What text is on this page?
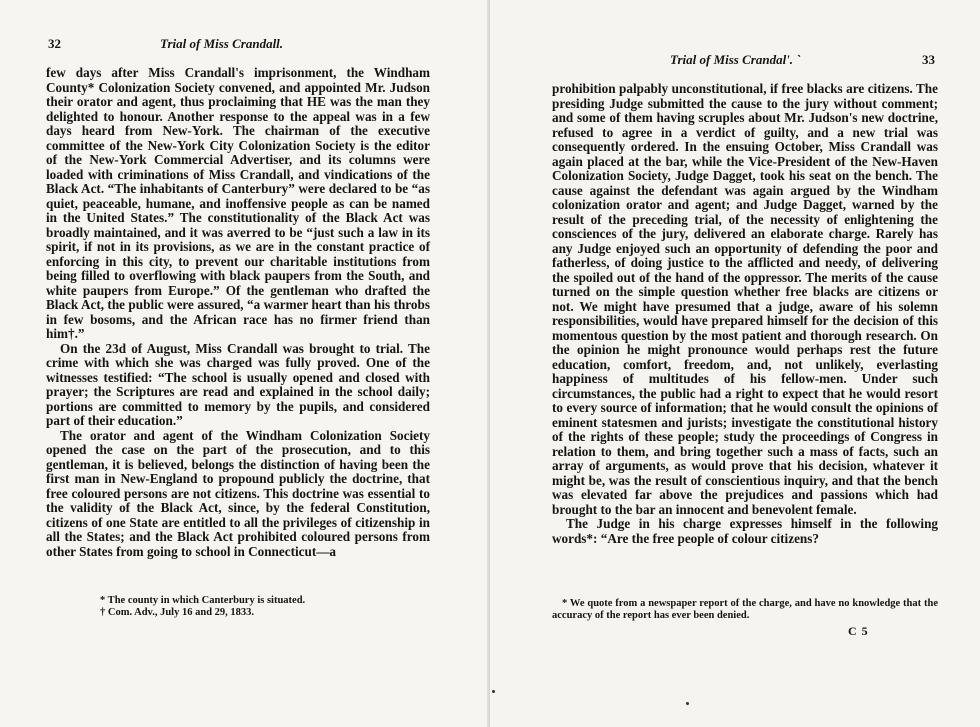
32	Trial of Miss Crandall.

few days after Miss Crandall's imprisonment, the Windham County* Colonization Society convened, and appointed Mr. Judson their orator and agent, thus proclaiming that HE was the man they delighted to honour. Another response to the appeal was in a few days heard from New-York. The chairman of the executive committee of the New-York City Colonization Society is the editor of the New-York Commercial Advertiser, and its columns were loaded with criminations of Miss Crandall, and vindications of the Black Act. “The inhabitants of Canterbury” were declared to be “as quiet, peaceable, humane, and inoffensive people as can be named in the United States.” The constitutionality of the Black Act was broadly maintained, and it was averred to be “just such a law in its spirit, if not in its provisions, as we are in the constant practice of enforcing in this city, to prevent our charitable institutions from being filled to overflowing with black paupers from the South, and white paupers from Europe.” Of the gentleman who drafted the Black Act, the public were assured, “a warmer heart than his throbs in few bosoms, and the African race has no firmer friend than him†.”

On the 23d of August, Miss Crandall was brought to trial. The crime with which she was charged was fully proved. One of the witnesses testified: “The school is usually opened and closed with prayer; the Scriptures are read and explained in the school daily; portions are committed to memory by the pupils, and considered part of their education.”

The orator and agent of the Windham Colonization Society opened the case on the part of the prosecution, and to this gentleman, it is believed, belongs the distinction of having been the first man in New-England to propound publicly the doctrine, that free coloured persons are not citizens. This doctrine was essential to the validity of the Black Act, since, by the federal Constitution, citizens of one State are entitled to all the privileges of citizenship in all the States; and the Black Act prohibited coloured persons from other States from going to school in Connecticut—a

* The county in which Canterbury is situated.

† Com. Adv., July 16 and 29, 1833.

Trial of Miss Crandal'. `	33

prohibition palpably unconstitutional, if free blacks are citizens. The presiding Judge submitted the cause to the jury without comment; and some of them having scruples about Mr. Judson's new doctrine, refused to agree in a verdict of guilty, and a new trial was consequently ordered. In the ensuing October, Miss Crandall was again placed at the bar, while the Vice-President of the New-Haven Colonization Society, Judge Dagget, took his seat on the bench. The cause against the defendant was again argued by the Windham colonization orator and agent; and Judge Dagget, warned by the result of the preceding trial, of the necessity of enlightening the consciences of the jury, delivered an elaborate charge. Rarely has any Judge enjoyed such an opportunity of defending the poor and fatherless, of doing justice to the afflicted and needy, of delivering the spoiled out of the hand of the oppressor. The merits of the cause turned on the simple question whether free blacks are citizens or not. We might have presumed that a judge, aware of his solemn responsibilities, would have prepared himself for the decision of this momentous question by the most patient and thorough research. On the opinion he might pronounce would perhaps rest the future education, comfort, freedom, and, not unlikely, everlasting happiness of multitudes of his fellow-men. Under such circumstances, the public had a right to expect that he would resort to every source of information; that he would consult the opinions of eminent statesmen and jurists; investigate the constitutional history of the rights of these people; study the proceedings of Congress in relation to them, and bring together such a mass of facts, such an array of arguments, as would prove that his decision, whatever it might be, was the result of conscientious inquiry, and that the bench was elevated far above the prejudices and passions which had brought to the bar an innocent and benevolent female.

The Judge in his charge expresses himself in the following words*: “Are the free people of colour citizens?

* We quote from a newspaper report of the charge, and have no knowledge that the accuracy of the report has ever been denied.

C 5
